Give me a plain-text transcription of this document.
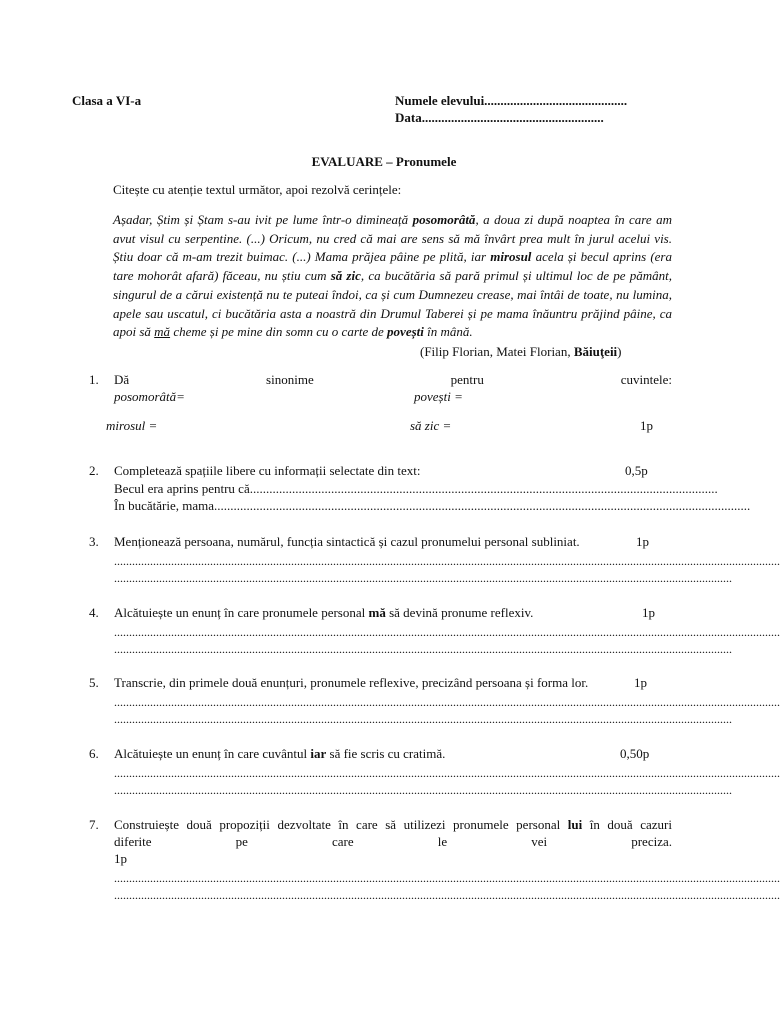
Clasa a VI-a	Numele elevului............................................
Data........................................................
EVALUARE – Pronumele
Citește cu atenție textul următor, apoi rezolvă cerințele:
Așadar, Știm și Ștam s-au ivit pe lume într-o dimineață posomorâtă, a doua zi după noaptea în care am avut visul cu serpentine. (...) Oricum, nu cred că mai are sens să mă învârt prea mult în jurul acelui vis. Știu doar că m-am trezit buimac. (...) Mama prăjea pâine pe plită, iar mirosul acela și becul aprins (era tare mohorât afară) făceau, nu știu cum să zic, ca bucătăria să pară primul și ultimul loc de pe pământ, singurul de a cărui existență nu te puteai îndoi, ca și cum Dumnezeu crease, mai întâi de toate, nu lumina, apele sau uscatul, ci bucătăria asta a noastră din Drumul Taberei și pe mama înăuntru prăjind pâine, ca apoi să mă cheme și pe mine din somn cu o carte de povești în mână.
(Filip Florian, Matei Florian, Băiuţeii)
1.	Dă sinonime pentru cuvintele:
posomorâtă=	povești =
mirosul =	să zic =	1p
2.	Completează spațiile libere cu informații selectate din text:	0,5p
Becul era aprins pentru că................................................................................................................................................
În bucătărie, mama.....................................................................................................................................................................
3.	Menționează persoana, numărul, funcția sintactică și cazul pronumelui personal subliniat.	1p
..............................................................................................................................................................................................................................
..............................................................................................................................................................................................................
4.	Alcătuiește un enunț în care pronumele personal mă să devină pronume reflexiv.	1p
..............................................................................................................................................................................................................................
..............................................................................................................................................................................................................
5.	Transcrie, din primele două enunțuri, pronumele reflexive, precizând persoana și forma lor.	1p
..............................................................................................................................................................................................................................
..............................................................................................................................................................................................................
6.	Alcătuiește un enunț în care cuvântul iar să fie scris cu cratimă.	0,50p
..............................................................................................................................................................................................................................
..............................................................................................................................................................................................................
7.	Construiește două propoziții dezvoltate în care să utilizezi pronumele personal lui în două cazuri
diferite pe care le vei preciza.
1p
..............................................................................................................................................................................................................................
..............................................................................................................................................................................................................................
